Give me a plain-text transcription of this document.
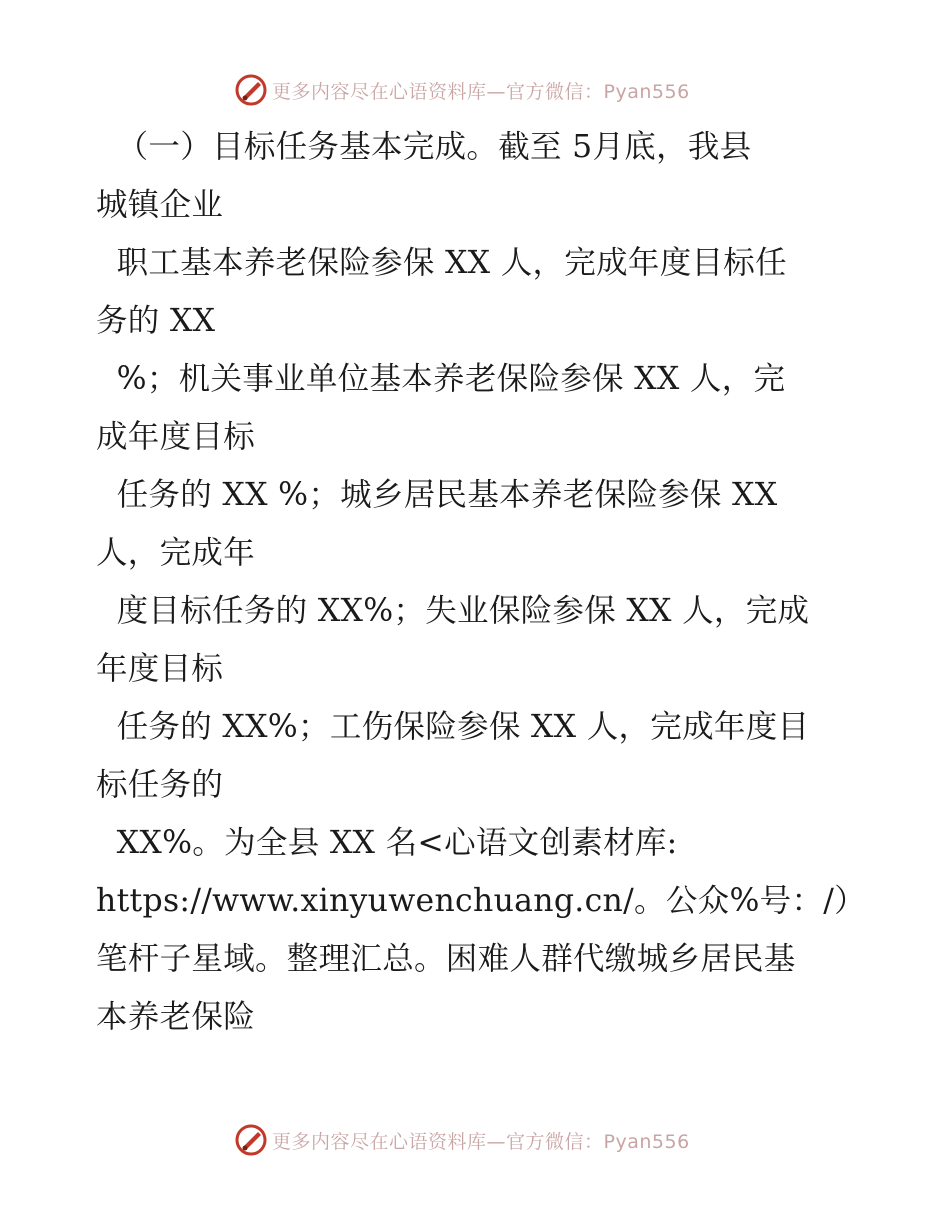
更多内容尽在心语资料库—官方微信：Pyan556
（一）目标任务基本完成。截至 5月底，我县
城镇企业
职工基本养老保险参保 XX 人，完成年度目标任
务的 XX
%；机关事业单位基本养老保险参保 XX 人，完
成年度目标
任务的 XX %；城乡居民基本养老保险参保 XX
人，完成年
度目标任务的 XX%；失业保险参保 XX 人，完成
年度目标
任务的 XX%；工伤保险参保 XX 人，完成年度目
标任务的
XX%。为全县 XX 名<心语文创素材库:
https://www.xinyuwenchuang.cn/。公众%号：/）
笔杆子星域。整理汇总。困难人群代缴城乡居民基
本养老保险
更多内容尽在心语资料库—官方微信：Pyan556
